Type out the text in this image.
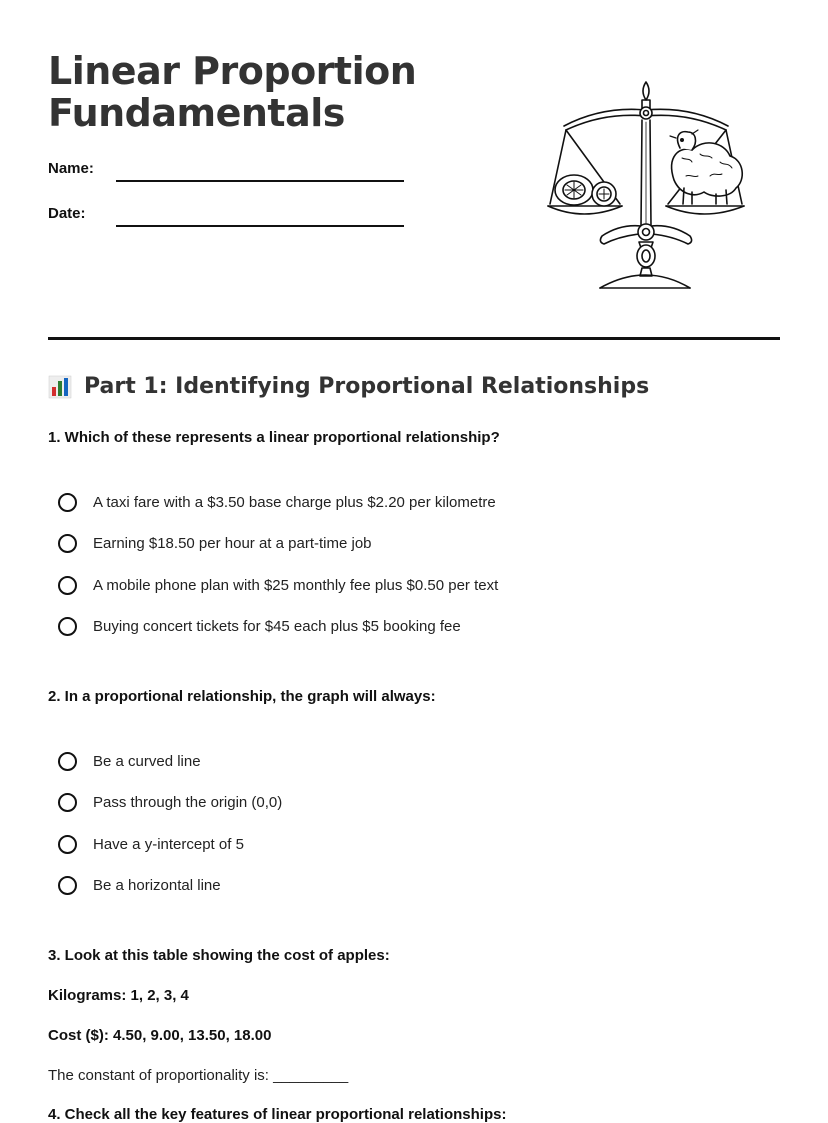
Linear Proportion
Fundamentals
Name:
Date:
Part 1: Identifying Proportional Relationships
1. Which of these represents a linear proportional relationship?
A taxi fare with a $3.50 base charge plus $2.20 per kilometre
Earning $18.50 per hour at a part-time job
A mobile phone plan with $25 monthly fee plus $0.50 per text
Buying concert tickets for $45 each plus $5 booking fee
2. In a proportional relationship, the graph will always:
Be a curved line
Pass through the origin (0,0)
Have a y-intercept of 5
Be a horizontal line
3. Look at this table showing the cost of apples:
Kilograms: 1, 2, 3, 4
Cost ($): 4.50, 9.00, 13.50, 18.00
The constant of proportionality is: _________
4. Check all the key features of linear proportional relationships:
